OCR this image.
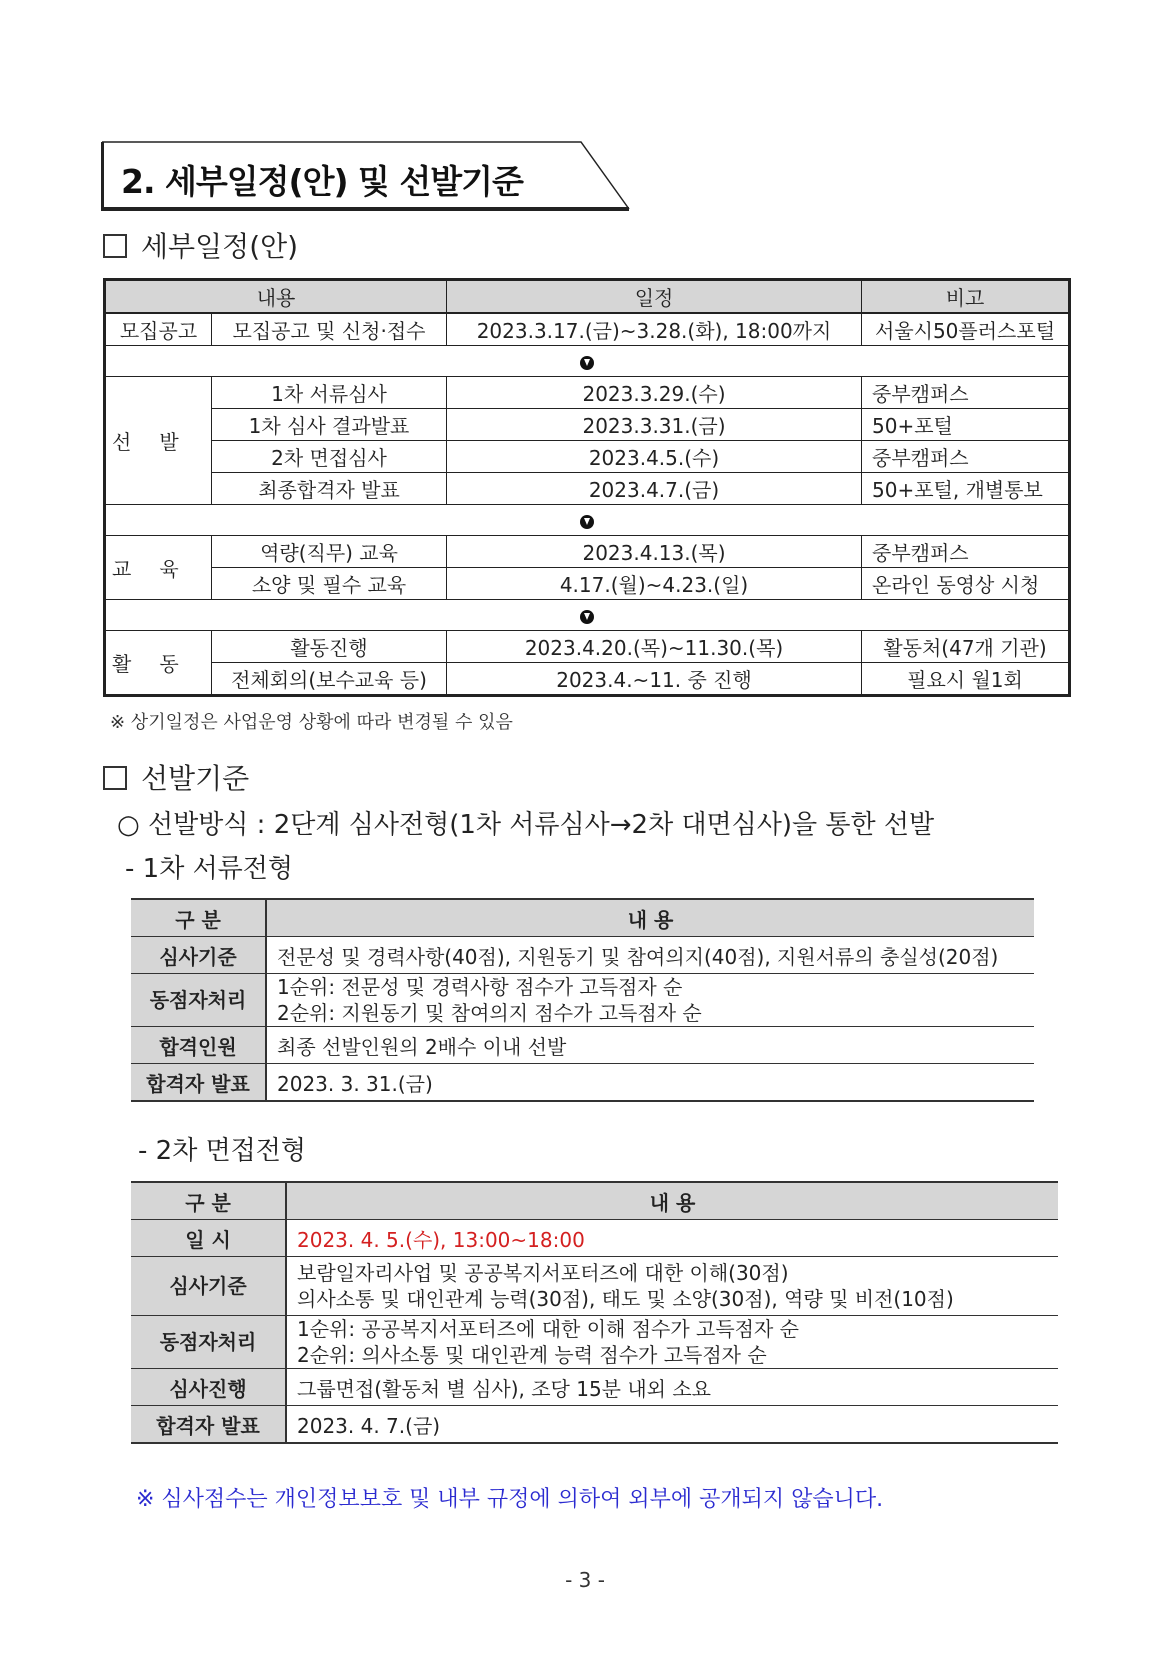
2. 세부일정(안) 및 선발기준
세부일정(안)
내용		일정	비고
모집공고	모집공고 및 신청·접수	2023.3.17.(금)~3.28.(화), 18:00까지	서울시50플러스포털

선발	1차 서류심사	2023.3.29.(수)	중부캠퍼스
	1차 심사 결과발표	2023.3.31.(금)	50+포털
	2차 면접심사	2023.4.5.(수)	중부캠퍼스
	최종합격자 발표	2023.4.7.(금)	50+포털, 개별통보

교육	역량(직무) 교육	2023.4.13.(목)	중부캠퍼스
	소양 및 필수 교육	4.17.(월)~4.23.(일)	온라인 동영상 시청

활동	활동진행	2023.4.20.(목)~11.30.(목)	활동처(47개 기관)
	전체회의(보수교육 등)	2023.4.~11. 중 진행	필요시 월1회
※ 상기일정은 사업운영 상황에 따라 변경될 수 있음
선발기준
○ 선발방식 : 2단계 심사전형(1차 서류심사→2차 대면심사)을 통한 선발
- 1차 서류전형
구 분	내 용
심사기준	전문성 및 경력사항(40점), 지원동기 및 참여의지(40점), 지원서류의 충실성(20점)
동점자처리	1순위: 전문성 및 경력사항 점수가 고득점자 순
2순위: 지원동기 및 참여의지 점수가 고득점자 순

합격인원	최종 선발인원의 2배수 이내 선발
합격자 발표	2023. 3. 31.(금)
- 2차 면접전형
구 분	내 용
일 시	2023. 4. 5.(수), 13:00~18:00
심사기준	보람일자리사업 및 공공복지서포터즈에 대한 이해(30점)
의사소통 및 대인관계 능력(30점), 태도 및 소양(30점), 역량 및 비전(10점)

동점자처리	1순위: 공공복지서포터즈에 대한 이해 점수가 고득점자 순
2순위: 의사소통 및 대인관계 능력 점수가 고득점자 순

심사진행	그룹면접(활동처 별 심사), 조당 15분 내외 소요
합격자 발표	2023. 4. 7.(금)
※ 심사점수는 개인정보보호 및 내부 규정에 의하여 외부에 공개되지 않습니다.
- 3 -
